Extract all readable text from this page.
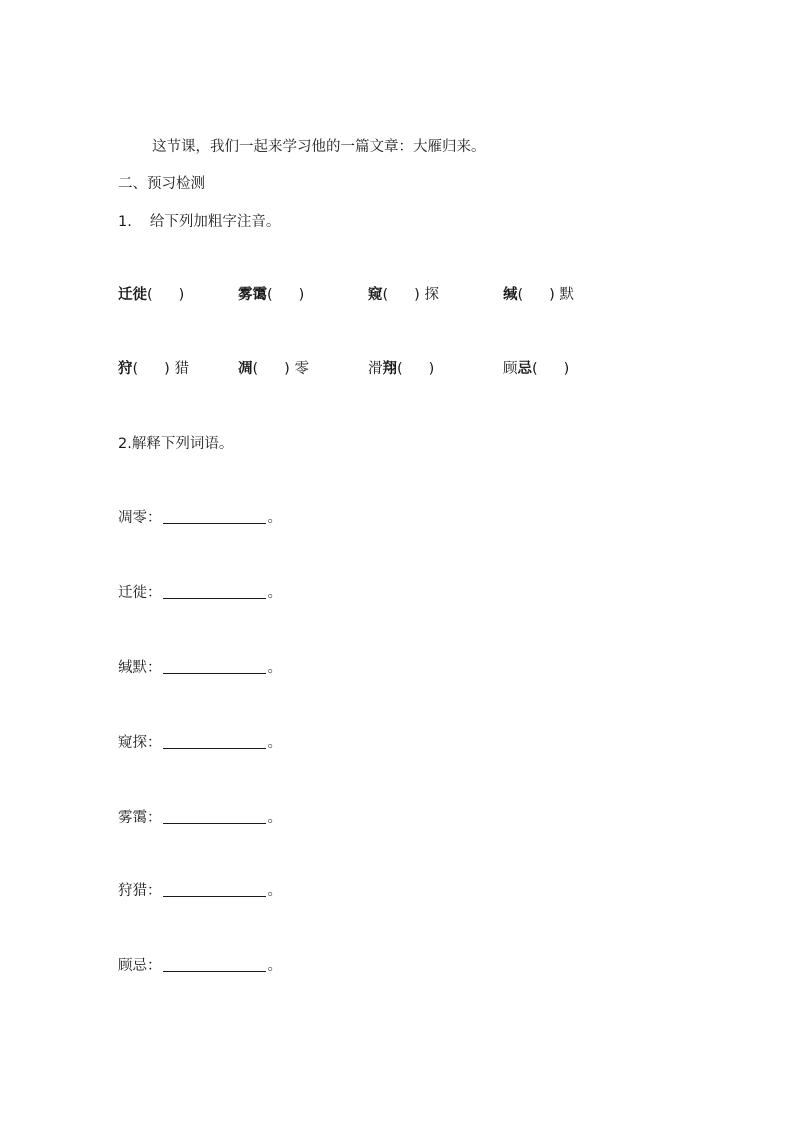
这节课，我们一起来学习他的一篇文章：大雁归来。
二、预习检测
1. 给下列加粗字注音。
迁徙( )	雾霭( )	窥( ) 探	缄( ) 默
狩( ) 猎	凋( ) 零	滑翔( )	顾忌( )
2.解释下列词语。
凋零：	。
迁徙：	。
缄默：	。
窥探：	。
雾霭：	。
狩猎：	。
顾忌：	。
